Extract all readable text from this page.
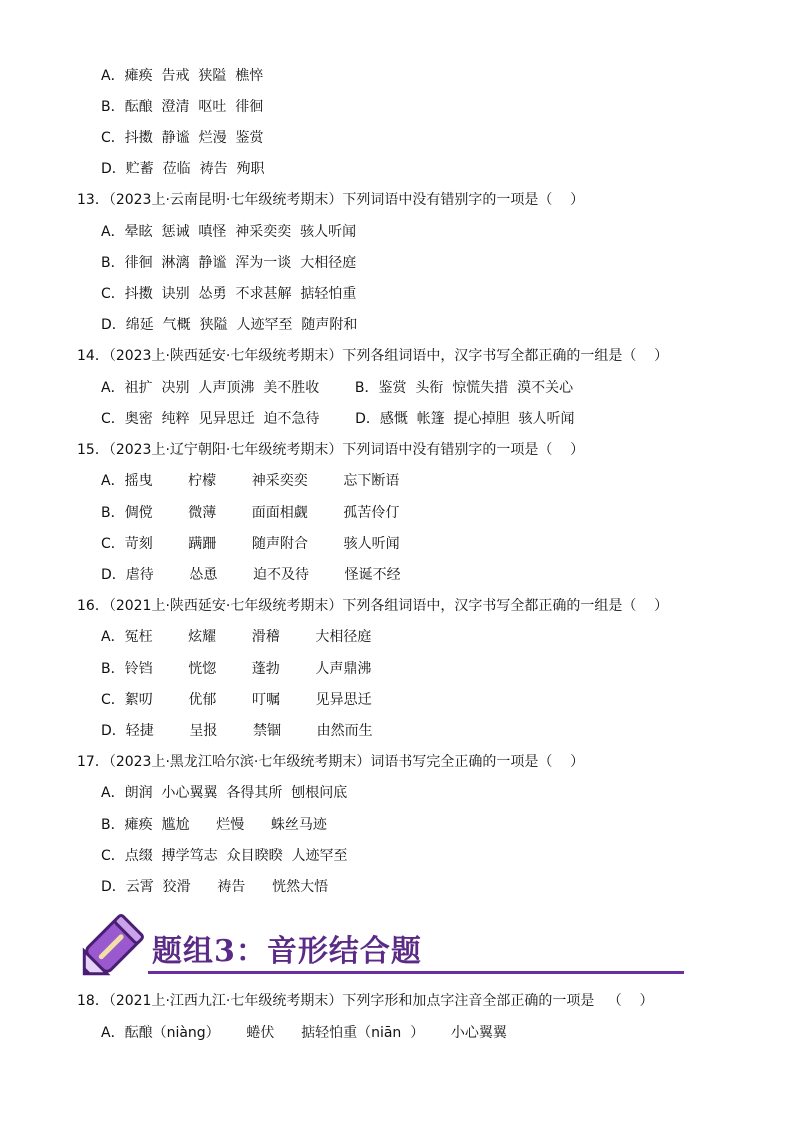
A．瘫痪  告戒  狭隘  樵悴
B．酝酿  澄清  呕吐  徘徊
C．抖擞  静谧  烂漫  鉴赏
D．贮蓄  莅临  祷告  殉职
13．（2023上·云南昆明·七年级统考期末）下列词语中没有错别字的一项是（    ）
A．晕眩  惩诫  嗔怪  神采奕奕  骇人听闻
B．徘徊  淋漓  静谧  浑为一谈  大相径庭
C．抖擞  诀别  怂勇  不求甚解  掂轻怕重
D．绵延  气概  狭隘  人迹罕至  随声附和
14．（2023上·陕西延安·七年级统考期末）下列各组词语中，汉字书写全都正确的一组是（    ）
A．祖扩  决别  人声顶沸  美不胜收        B．鉴赏  头衔  惊慌失措  漠不关心
C．奥密  纯粹  见异思迁  迫不急待        D．感慨  帐篷  提心掉胆  骇人听闻
15．（2023上·辽宁朝阳·七年级统考期末）下列词语中没有错别字的一项是（    ）
A．摇曳        柠檬        神采奕奕        忘下断语
B．倜傥        微薄        面面相觑        孤苦伶仃
C．苛刻        蹒跚        随声附合        骇人听闻
D．虐待        怂恿        迫不及待        怪诞不经
16．（2021上·陕西延安·七年级统考期末）下列各组词语中，汉字书写全都正确的一组是（    ）
A．冤枉        炫耀        滑稽        大相径庭
B．铃铛        恍惚        蓬勃        人声鼎沸
C．絮叨        优郁        叮嘱        见异思迁
D．轻捷        呈报        禁锢        由然而生
17．（2023上·黑龙江哈尔滨·七年级统考期末）词语书写完全正确的一项是（    ）
A．朗润  小心翼翼  各得其所  刨根问底
B．瘫痪  尴尬      烂慢      蛛丝马迹
C．点缀  搏学笃志  众目睽睽  人迹罕至
D．云霄  狡滑      祷告      恍然大悟
18．（2021上·江西九江·七年级统考期末）下列字形和加点字注音全部正确的一项是   （    ）
A．酝酿（niàng）      蜷伏      掂轻怕重（niān  ）      小心翼翼
题组3：音形结合题
